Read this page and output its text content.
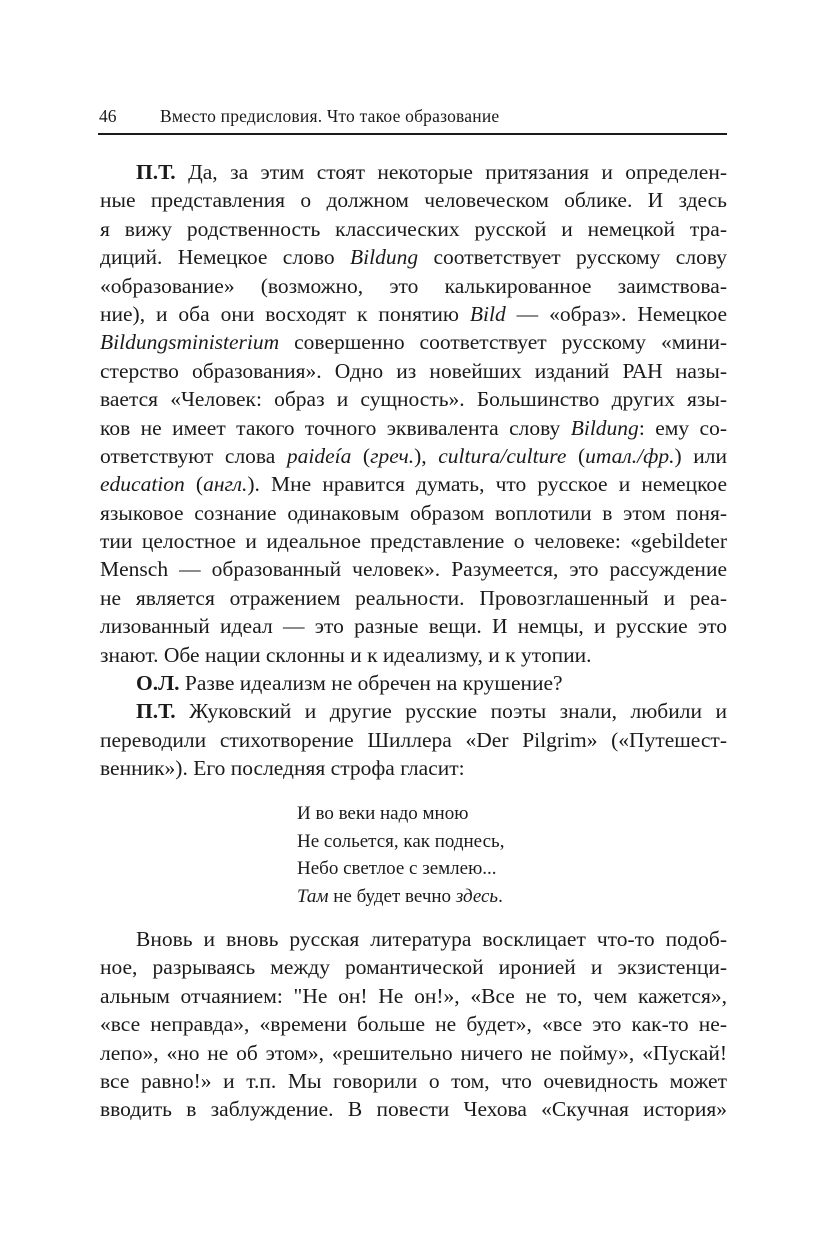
46 Вместо предисловия. Что такое образование
П.Т. Да, за этим стоят некоторые притязания и определен-
ные представления о должном человеческом облике. И здесь
я вижу родственность классических русской и немецкой тра-
диций. Немецкое слово Bildung соответствует русскому слову
«образование» (возможно, это калькированное заимствова-
ние), и оба они восходят к понятию Bild — «образ». Немецкое
Bildungsministerium совершенно соответствует русскому «мини-
стерство образования». Одно из новейших изданий РАН назы-
вается «Человек: образ и сущность». Большинство других язы-
ков не имеет такого точного эквивалента слову Bildung: ему со-
ответствуют слова paideía (греч.), cultura/culture (итал./фр.) или
education (англ.). Мне нравится думать, что русское и немецкое
языковое сознание одинаковым образом воплотили в этом поня-
тии целостное и идеальное представление о человеке: «gebildeter
Mensch — образованный человек». Разумеется, это рассуждение
не является отражением реальности. Провозглашенный и реа-
лизованный идеал — это разные вещи. И немцы, и русские это
знают. Обе нации склонны и к идеализму, и к утопии.
О.Л. Разве идеализм не обречен на крушение?
П.Т. Жуковский и другие русские поэты знали, любили и
переводили стихотворение Шиллера «Der Pilgrim» («Путешест-
венник»). Его последняя строфа гласит:
И во веки надо мною
Не сольется, как поднесь,
Небо светлое с землею...
Там не будет вечно здесь.
Вновь и вновь русская литература восклицает что-то подоб-
ное, разрываясь между романтической иронией и экзистенци-
альным отчаянием: "Не он! Не он!», «Все не то, чем кажется»,
«все неправда», «времени больше не будет», «все это как-то не-
лепо», «но не об этом», «решительно ничего не пойму», «Пускай!
все равно!» и т.п. Мы говорили о том, что очевидность может
вводить в заблуждение. В повести Чехова «Скучная история»
